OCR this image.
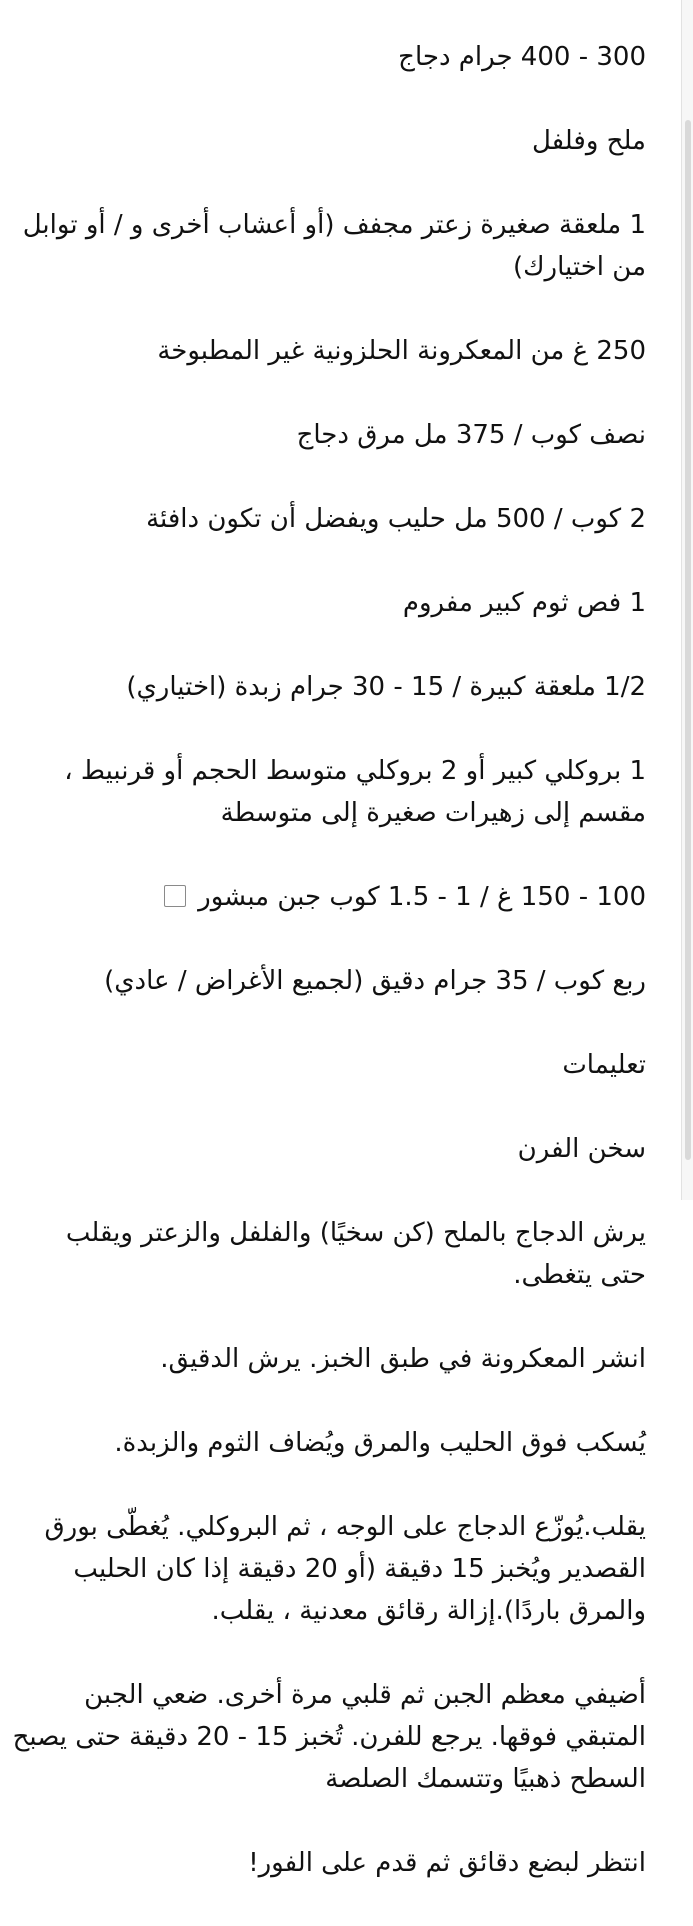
300 - 400 جرام دجاج

ملح وفلفل

1 ملعقة صغيرة زعتر مجفف (أو أعشاب أخرى و / أو توابل من اختيارك)

250 غ من المعكرونة الحلزونية غير المطبوخة

نصف كوب / 375 مل مرق دجاج

2 كوب / 500 مل حليب ويفضل أن تكون دافئة

1 فص ثوم كبير مفروم

1/2 ملعقة كبيرة / 15 - 30 جرام زبدة (اختياري)

1 بروكلي كبير أو 2 بروكلي متوسط الحجم أو قرنبيط ، مقسم إلى زهيرات صغيرة إلى متوسطة

100 - 150 غ / 1 - 1.5 كوب جبن مبشور

ربع كوب / 35 جرام دقيق (لجميع الأغراض / عادي)

تعليمات

سخن الفرن

يرش الدجاج بالملح (كن سخيًا) والفلفل والزعتر ويقلب حتى يتغطى.

انشر المعكرونة في طبق الخبز. يرش الدقيق.

يُسكب فوق الحليب والمرق ويُضاف الثوم والزبدة.

يقلب.يُوزّع الدجاج على الوجه ، ثم البروكلي. يُغطّى بورق القصدير ويُخبز 15 دقيقة (أو 20 دقيقة إذا كان الحليب والمرق باردًا).إزالة رقائق معدنية ، يقلب.

أضيفي معظم الجبن ثم قلبي مرة أخرى. ضعي الجبن المتبقي فوقها. يرجع للفرن. تُخبز 15 - 20 دقيقة حتى يصبح السطح ذهبيًا وتتسمك الصلصة

انتظر لبضع دقائق ثم قدم على الفور!
